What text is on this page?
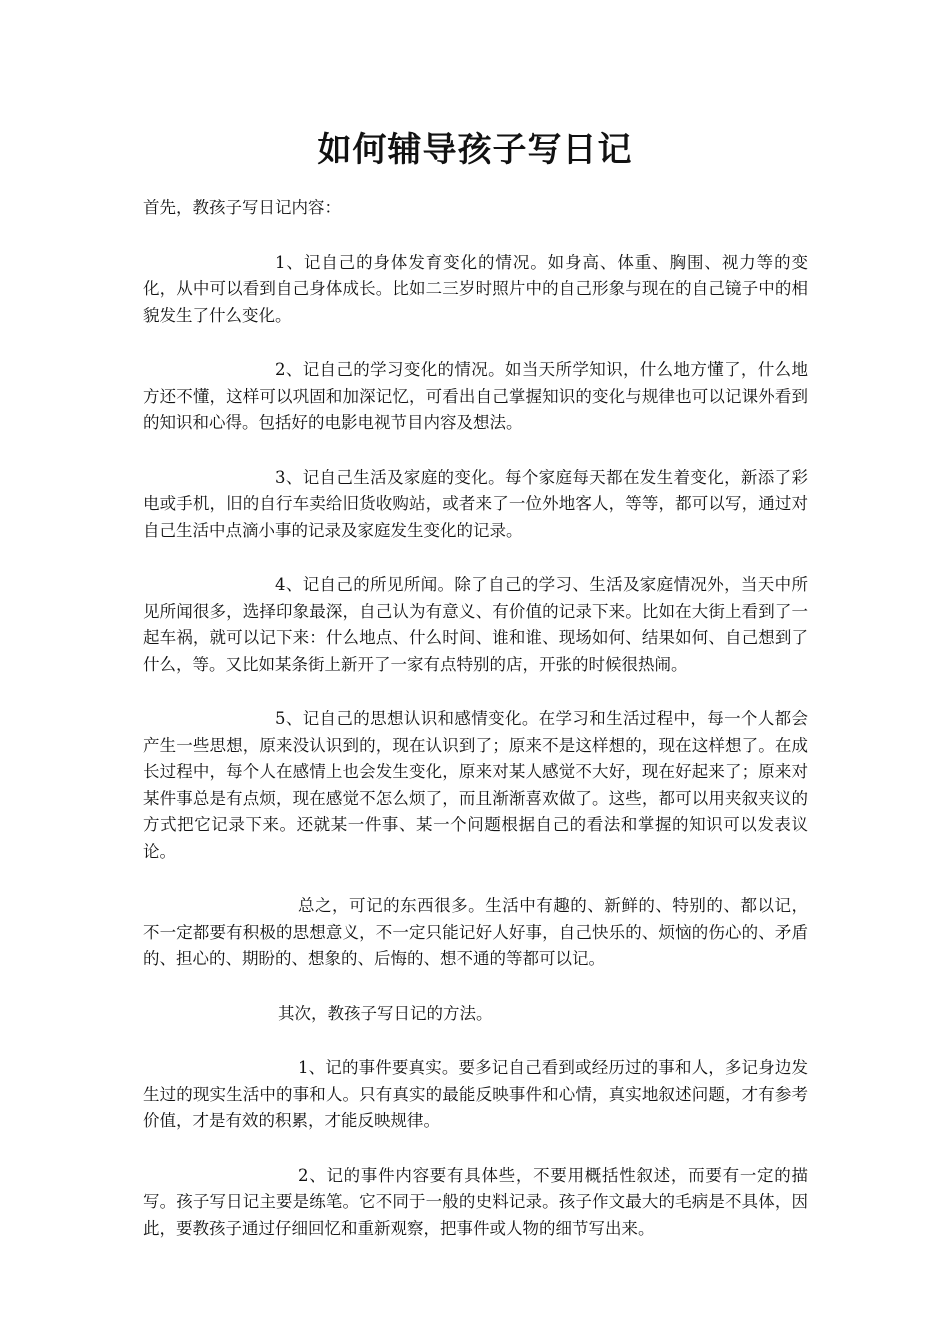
如何辅导孩子写日记

首先，教孩子写日记内容：

1、记自己的身体发育变化的情况。如身高、体重、胸围、视力等的变化，从中可以看到自己身体成长。比如二三岁时照片中的自己形象与现在的自己镜子中的相貌发生了什么变化。

2、记自己的学习变化的情况。如当天所学知识，什么地方懂了，什么地方还不懂，这样可以巩固和加深记忆，可看出自己掌握知识的变化与规律也可以记课外看到的知识和心得。包括好的电影电视节目内容及想法。

3、记自己生活及家庭的变化。每个家庭每天都在发生着变化，新添了彩电或手机，旧的自行车卖给旧货收购站，或者来了一位外地客人，等等，都可以写，通过对自己生活中点滴小事的记录及家庭发生变化的记录。

4、记自己的所见所闻。除了自己的学习、生活及家庭情况外，当天中所见所闻很多，选择印象最深，自己认为有意义、有价值的记录下来。比如在大街上看到了一起车祸，就可以记下来：什么地点、什么时间、谁和谁、现场如何、结果如何、自己想到了什么，等。又比如某条街上新开了一家有点特别的店，开张的时候很热闹。

5、记自己的思想认识和感情变化。在学习和生活过程中，每一个人都会产生一些思想，原来没认识到的，现在认识到了；原来不是这样想的，现在这样想了。在成长过程中，每个人在感情上也会发生变化，原来对某人感觉不大好，现在好起来了；原来对某件事总是有点烦，现在感觉不怎么烦了，而且渐渐喜欢做了。这些，都可以用夹叙夹议的方式把它记录下来。还就某一件事、某一个问题根据自己的看法和掌握的知识可以发表议论。

总之，可记的东西很多。生活中有趣的、新鲜的、特别的、都以记，不一定都要有积极的思想意义，不一定只能记好人好事，自己快乐的、烦恼的伤心的、矛盾的、担心的、期盼的、想象的、后悔的、想不通的等都可以记。

其次，教孩子写日记的方法。

1、记的事件要真实。要多记自己看到或经历过的事和人，多记身边发生过的现实生活中的事和人。只有真实的最能反映事件和心情，真实地叙述问题，才有参考价值，才是有效的积累，才能反映规律。

2、记的事件内容要有具体些，不要用概括性叙述，而要有一定的描写。孩子写日记主要是练笔。它不同于一般的史料记录。孩子作文最大的毛病是不具体，因此，要教孩子通过仔细回忆和重新观察，把事件或人物的细节写出来。
